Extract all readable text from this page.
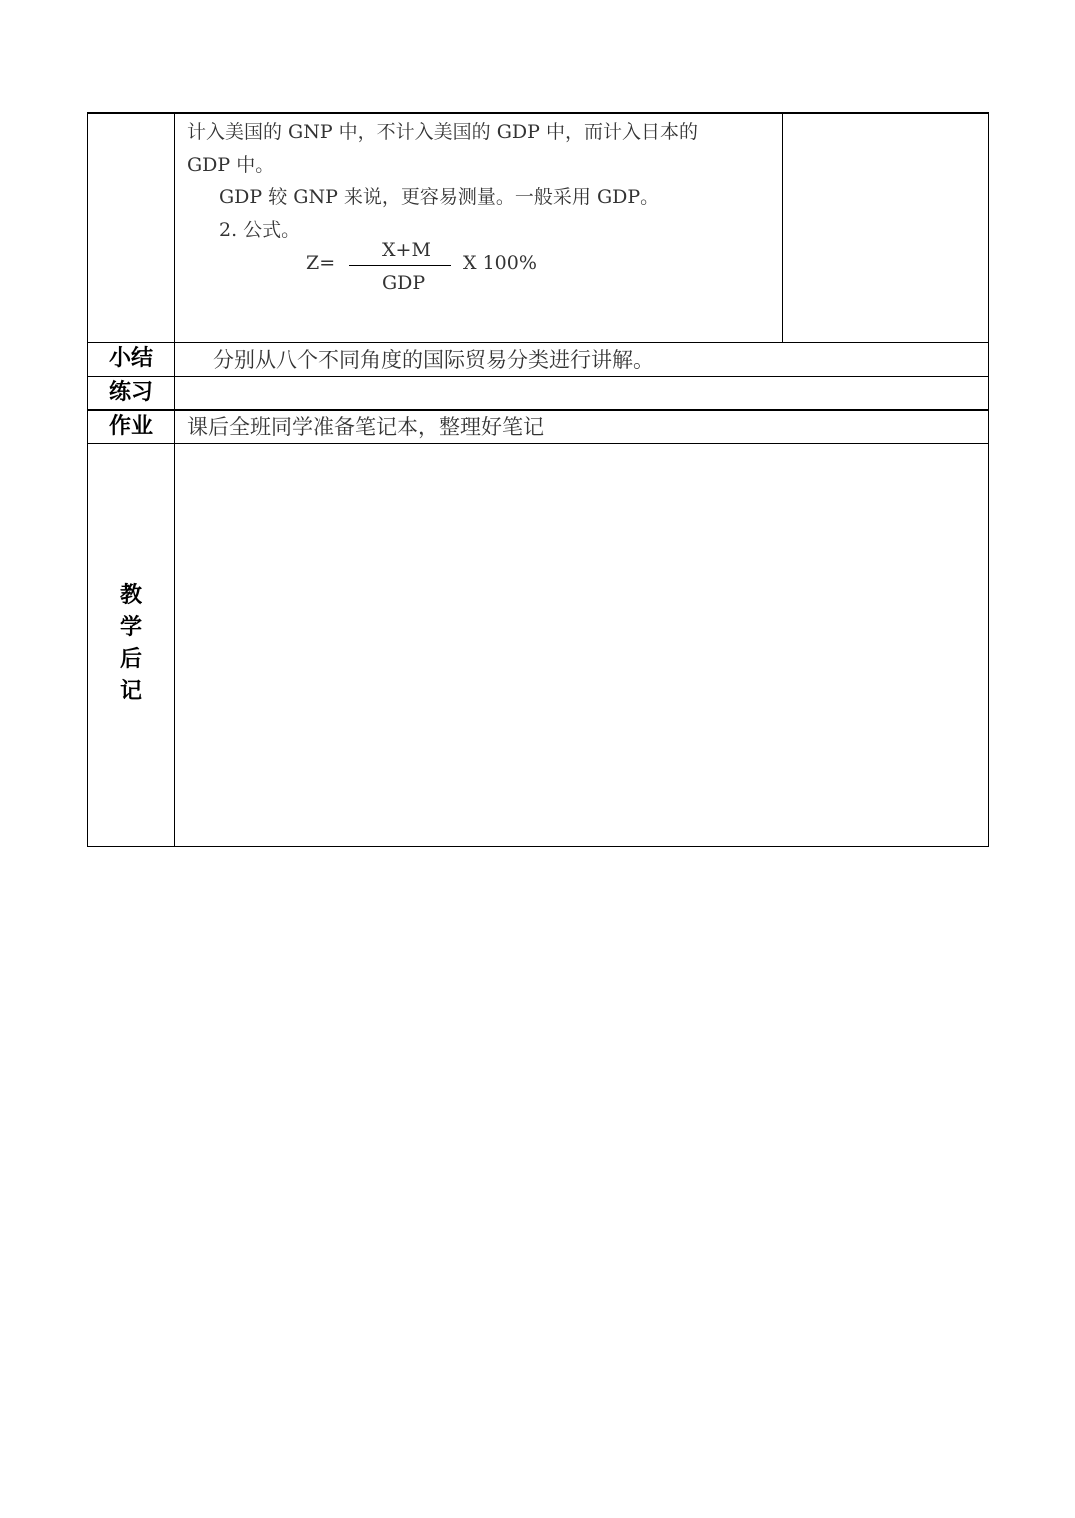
计入美国的 GNP 中，不计入美国的 GDP 中，而计入日本的
GDP 中。
GDP 较 GNP 来说，更容易测量。一般采用 GDP。
2. 公式。
Z=
X+M
GDP
X 100%
小结	分别从八个不同角度的国际贸易分类进行讲解。
练习
作业	课后全班同学准备笔记本，整理好笔记
教
学
后
记
